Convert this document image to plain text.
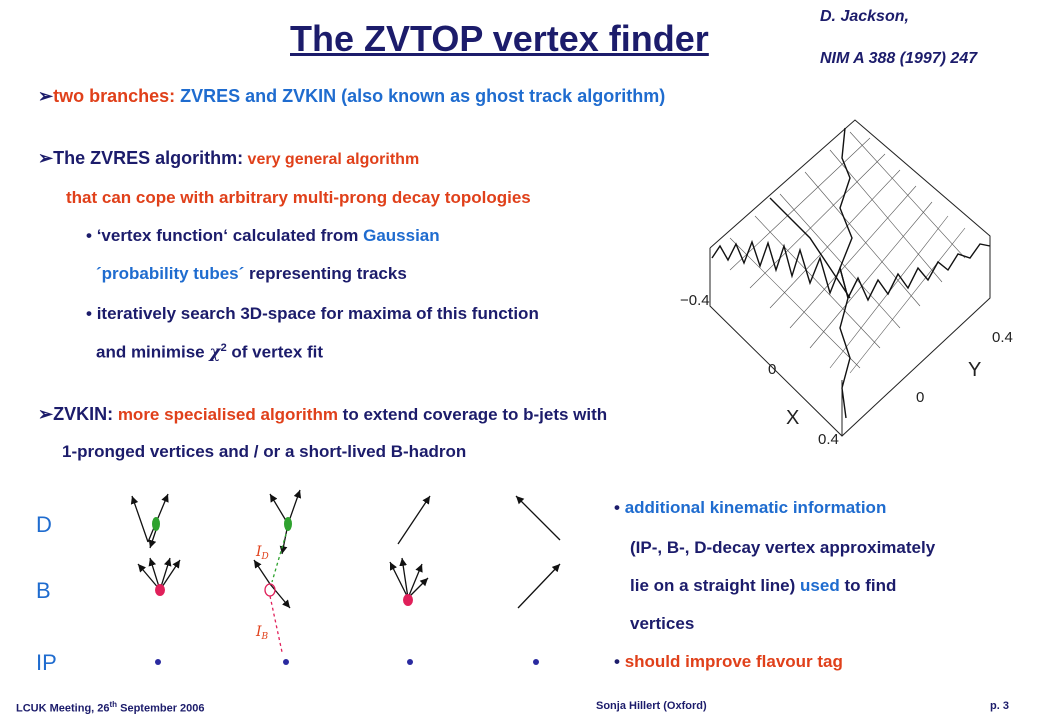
The ZVTOP vertex finder
D. Jackson,
NIM A 388 (1997) 247
➢two branches: ZVRES and ZVKIN (also known as ghost track algorithm)
➢The ZVRES algorithm: very general algorithm
that can cope with arbitrary multi-prong decay topologies
• ‘vertex function‘ calculated from Gaussian
´probability tubes´ representing tracks
• iteratively search 3D-space for maxima of this function
and minimise $\chi^2$ of vertex fit
−0.4
0.4
0	Y
0
X
0.4
➢ZVKIN: more specialised algorithm to extend coverage to b-jets with
1-pronged vertices and / or a short-lived B-hadron
D
B
IP
$I_D$
$I_B$
• additional kinematic information
(IP-, B-, D-decay vertex approximately
lie on a straight line) used to find
vertices
• should improve flavour tag
LCUK Meeting, 26th September 2006	Sonja Hillert (Oxford)	p. 3
